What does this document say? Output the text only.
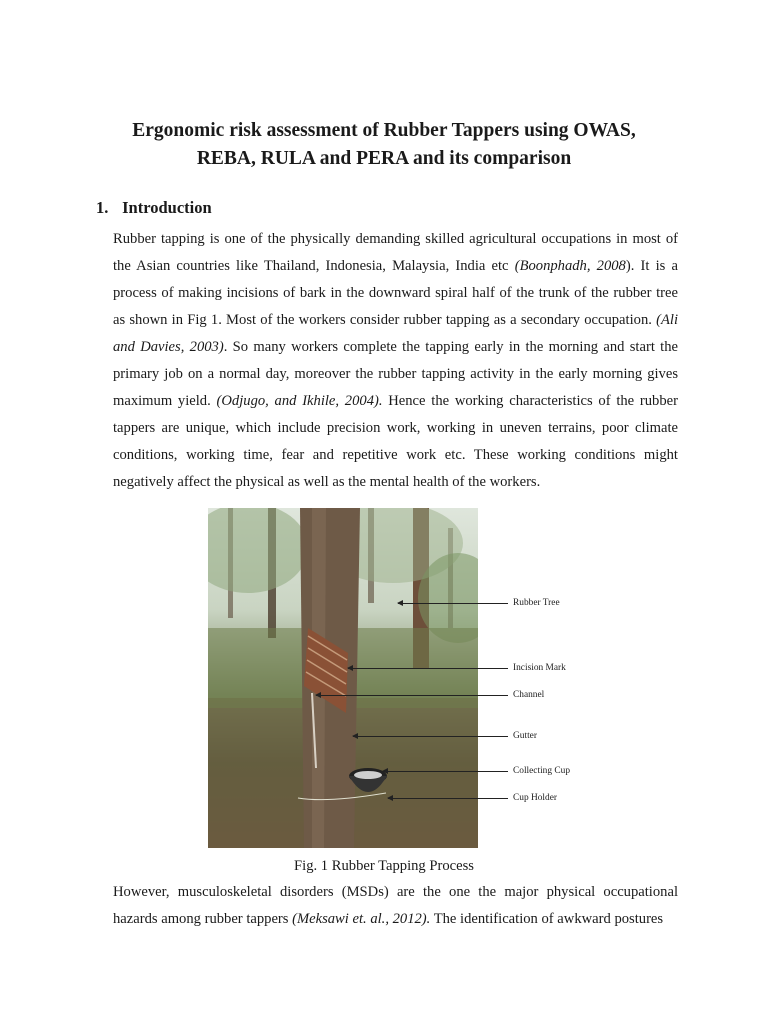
Ergonomic risk assessment of Rubber Tappers using OWAS,
REBA, RULA and PERA and its comparison
1. Introduction
Rubber tapping is one of the physically demanding skilled agricultural occupations in most of
the Asian countries like Thailand, Indonesia, Malaysia, India etc (Boonphadh, 2008). It is a
process of making incisions of bark in the downward spiral half of the trunk of the rubber tree
as shown in Fig 1. Most of the workers consider rubber tapping as a secondary occupation. (Ali
and Davies, 2003). So many workers complete the tapping early in the morning and start the
primary job on a normal day, moreover the rubber tapping activity in the early morning gives
maximum yield. (Odjugo, and Ikhile, 2004). Hence the working characteristics of the rubber
tappers are unique, which include precision work, working in uneven terrains, poor climate
conditions, working time, fear and repetitive work etc. These working conditions might
negatively affect the physical as well as the mental health of the workers.
Rubber Tree
Incision Mark
Channel
Gutter
Collecting Cup
Cup Holder
Fig. 1 Rubber Tapping Process
However, musculoskeletal disorders (MSDs) are the one the major physical occupational
hazards among rubber tappers (Meksawi et. al., 2012). The identification of awkward postures
